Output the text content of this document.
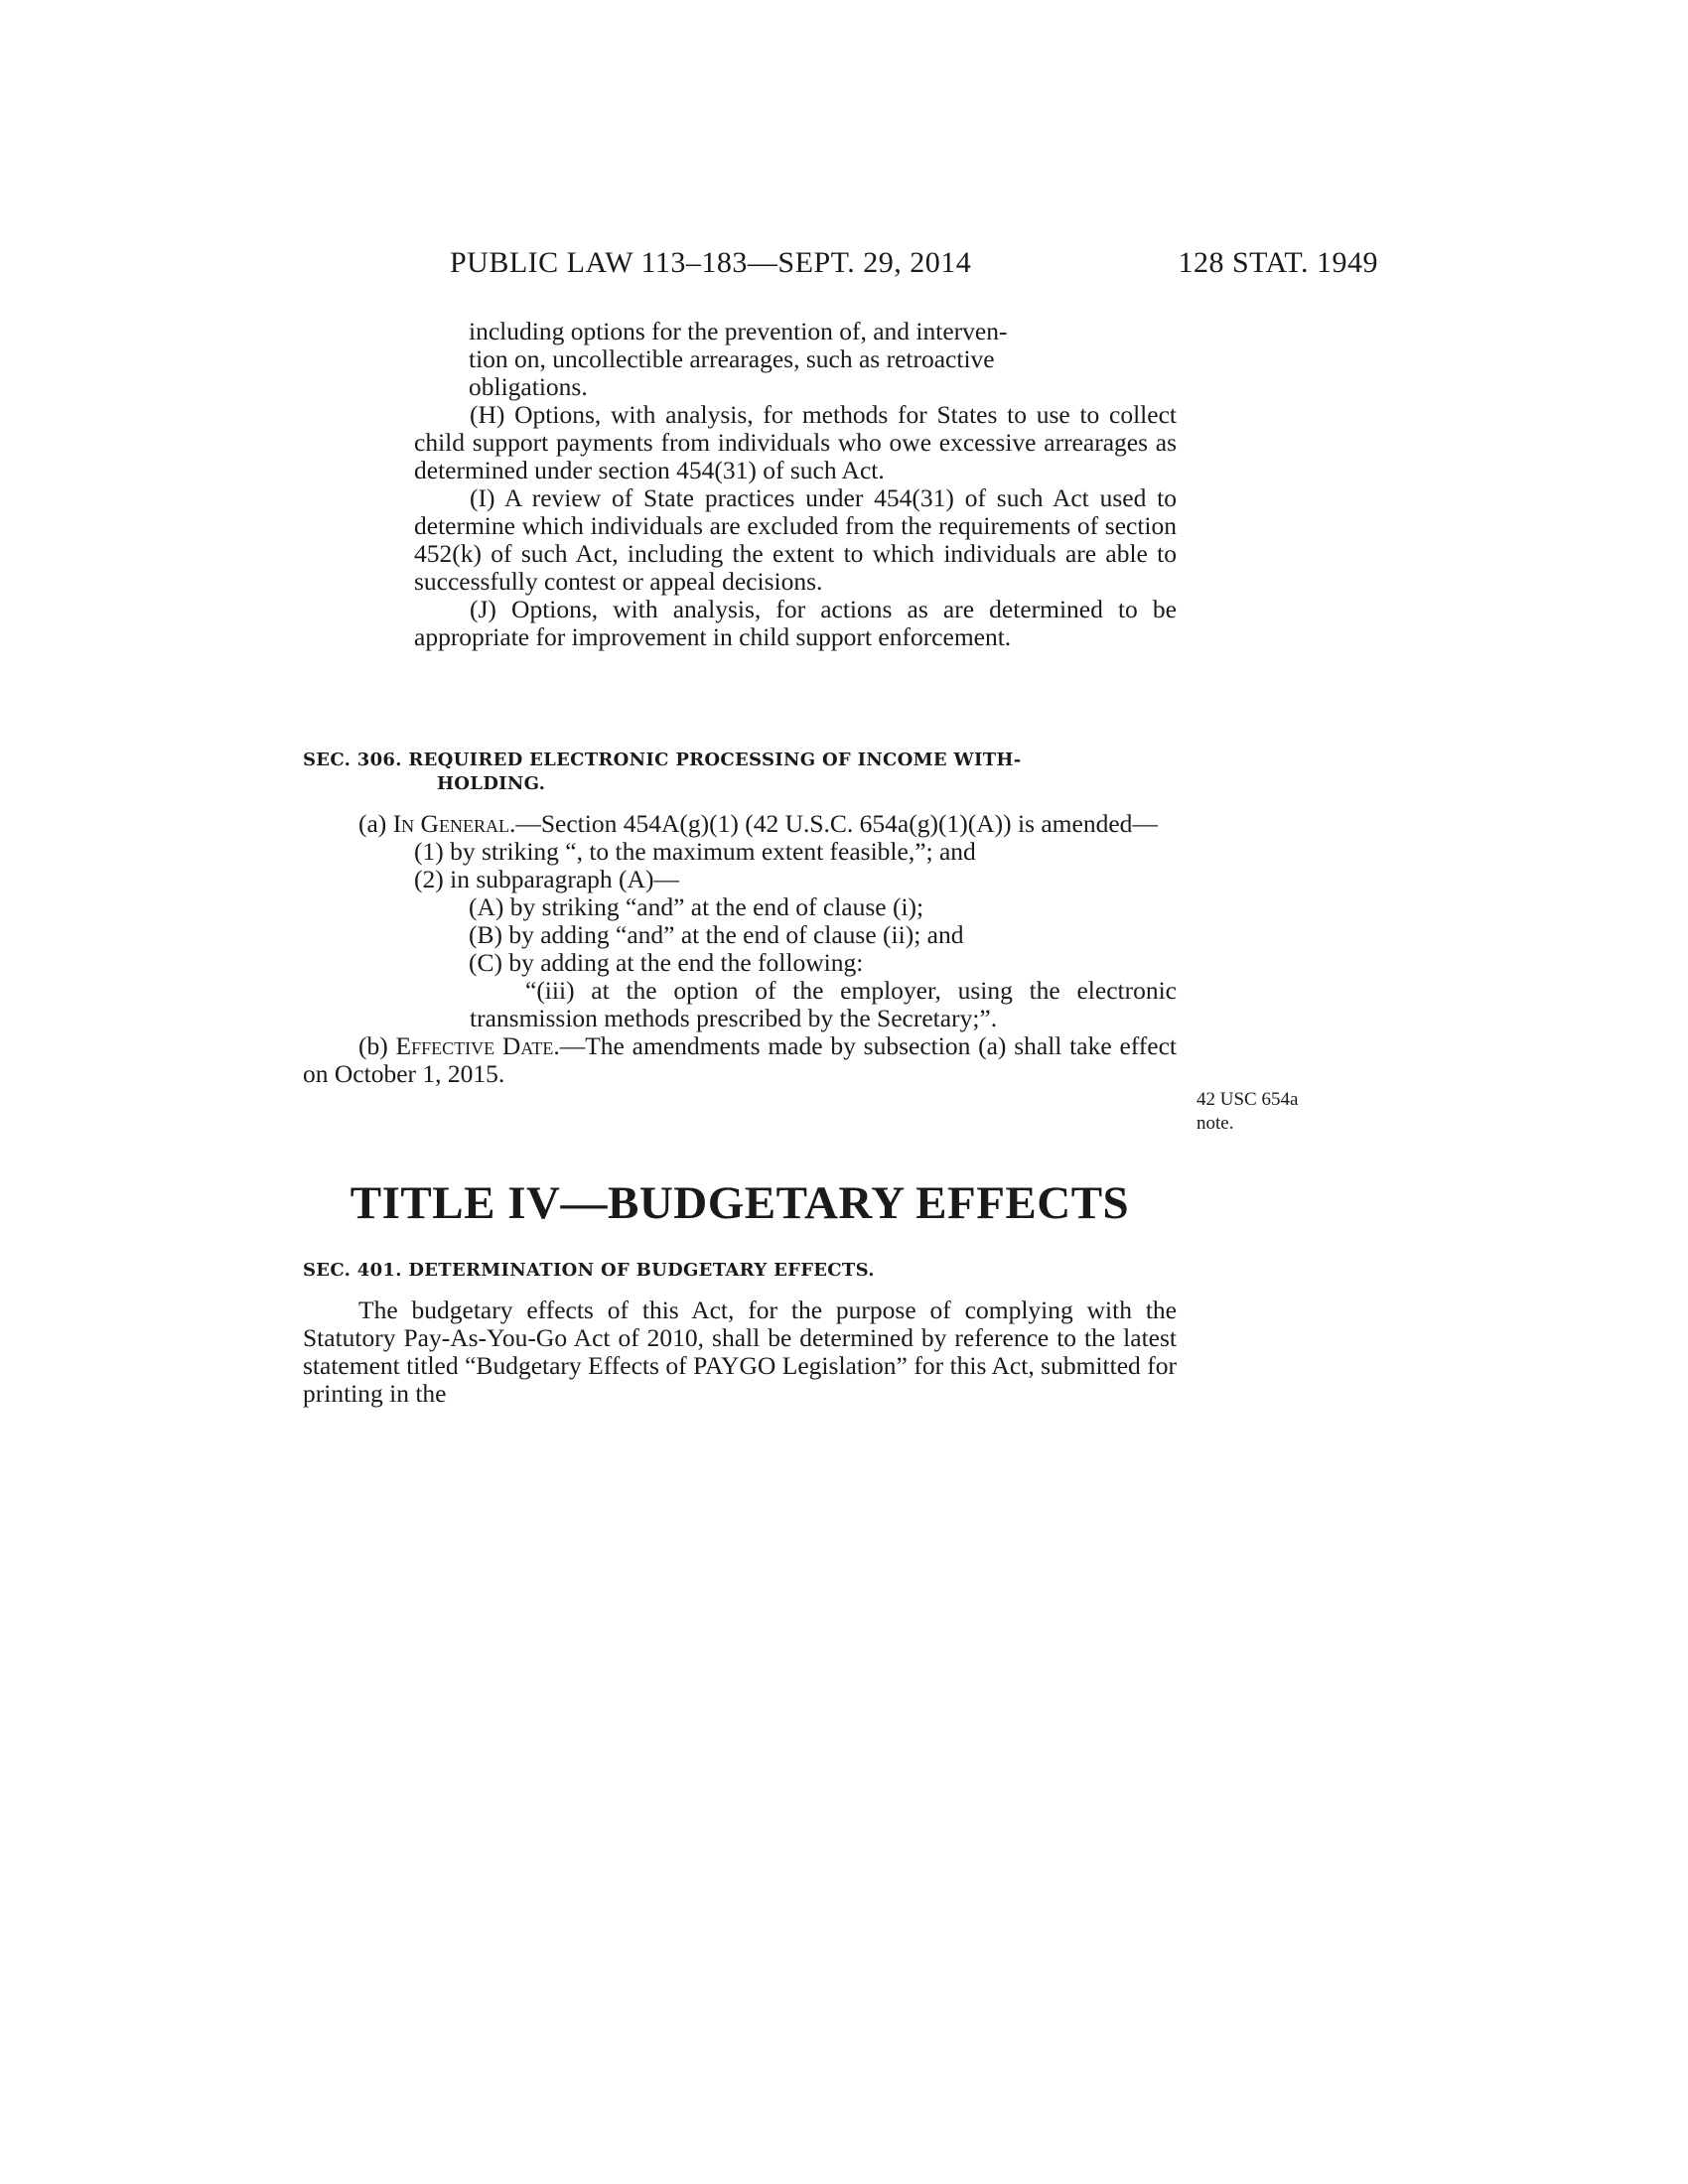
PUBLIC LAW 113–183—SEPT. 29, 2014	128 STAT. 1949

including options for the prevention of, and interven-

tion on, uncollectible arrearages, such as retroactive

obligations.

(H) Options, with analysis, for methods for States to use to collect child support payments from individuals who owe excessive arrearages as determined under section 454(31) of such Act.

(I) A review of State practices under 454(31) of such Act used to determine which individuals are excluded from the requirements of section 452(k) of such Act, including the extent to which individuals are able to successfully contest or appeal decisions.

(J) Options, with analysis, for actions as are determined to be appropriate for improvement in child support enforcement.

SEC. 306. REQUIRED ELECTRONIC PROCESSING OF INCOME WITH-
HOLDING.

(a) In General.—Section 454A(g)(1) (42 U.S.C. 654a(g)(1)(A)) is amended—

(1) by striking “, to the maximum extent feasible,”; and

(2) in subparagraph (A)—

(A) by striking “and” at the end of clause (i);

(B) by adding “and” at the end of clause (ii); and

(C) by adding at the end the following:

“(iii) at the option of the employer, using the electronic transmission methods prescribed by the Secretary;”.

(b) Effective Date.—The amendments made by subsection (a) shall take effect on October 1, 2015.

42 USC 654a
note.
TITLE IV—BUDGETARY EFFECTS
SEC. 401. DETERMINATION OF BUDGETARY EFFECTS.

The budgetary effects of this Act, for the purpose of complying with the Statutory Pay-As-You-Go Act of 2010, shall be determined by reference to the latest statement titled “Budgetary Effects of PAYGO Legislation” for this Act, submitted for printing in the
